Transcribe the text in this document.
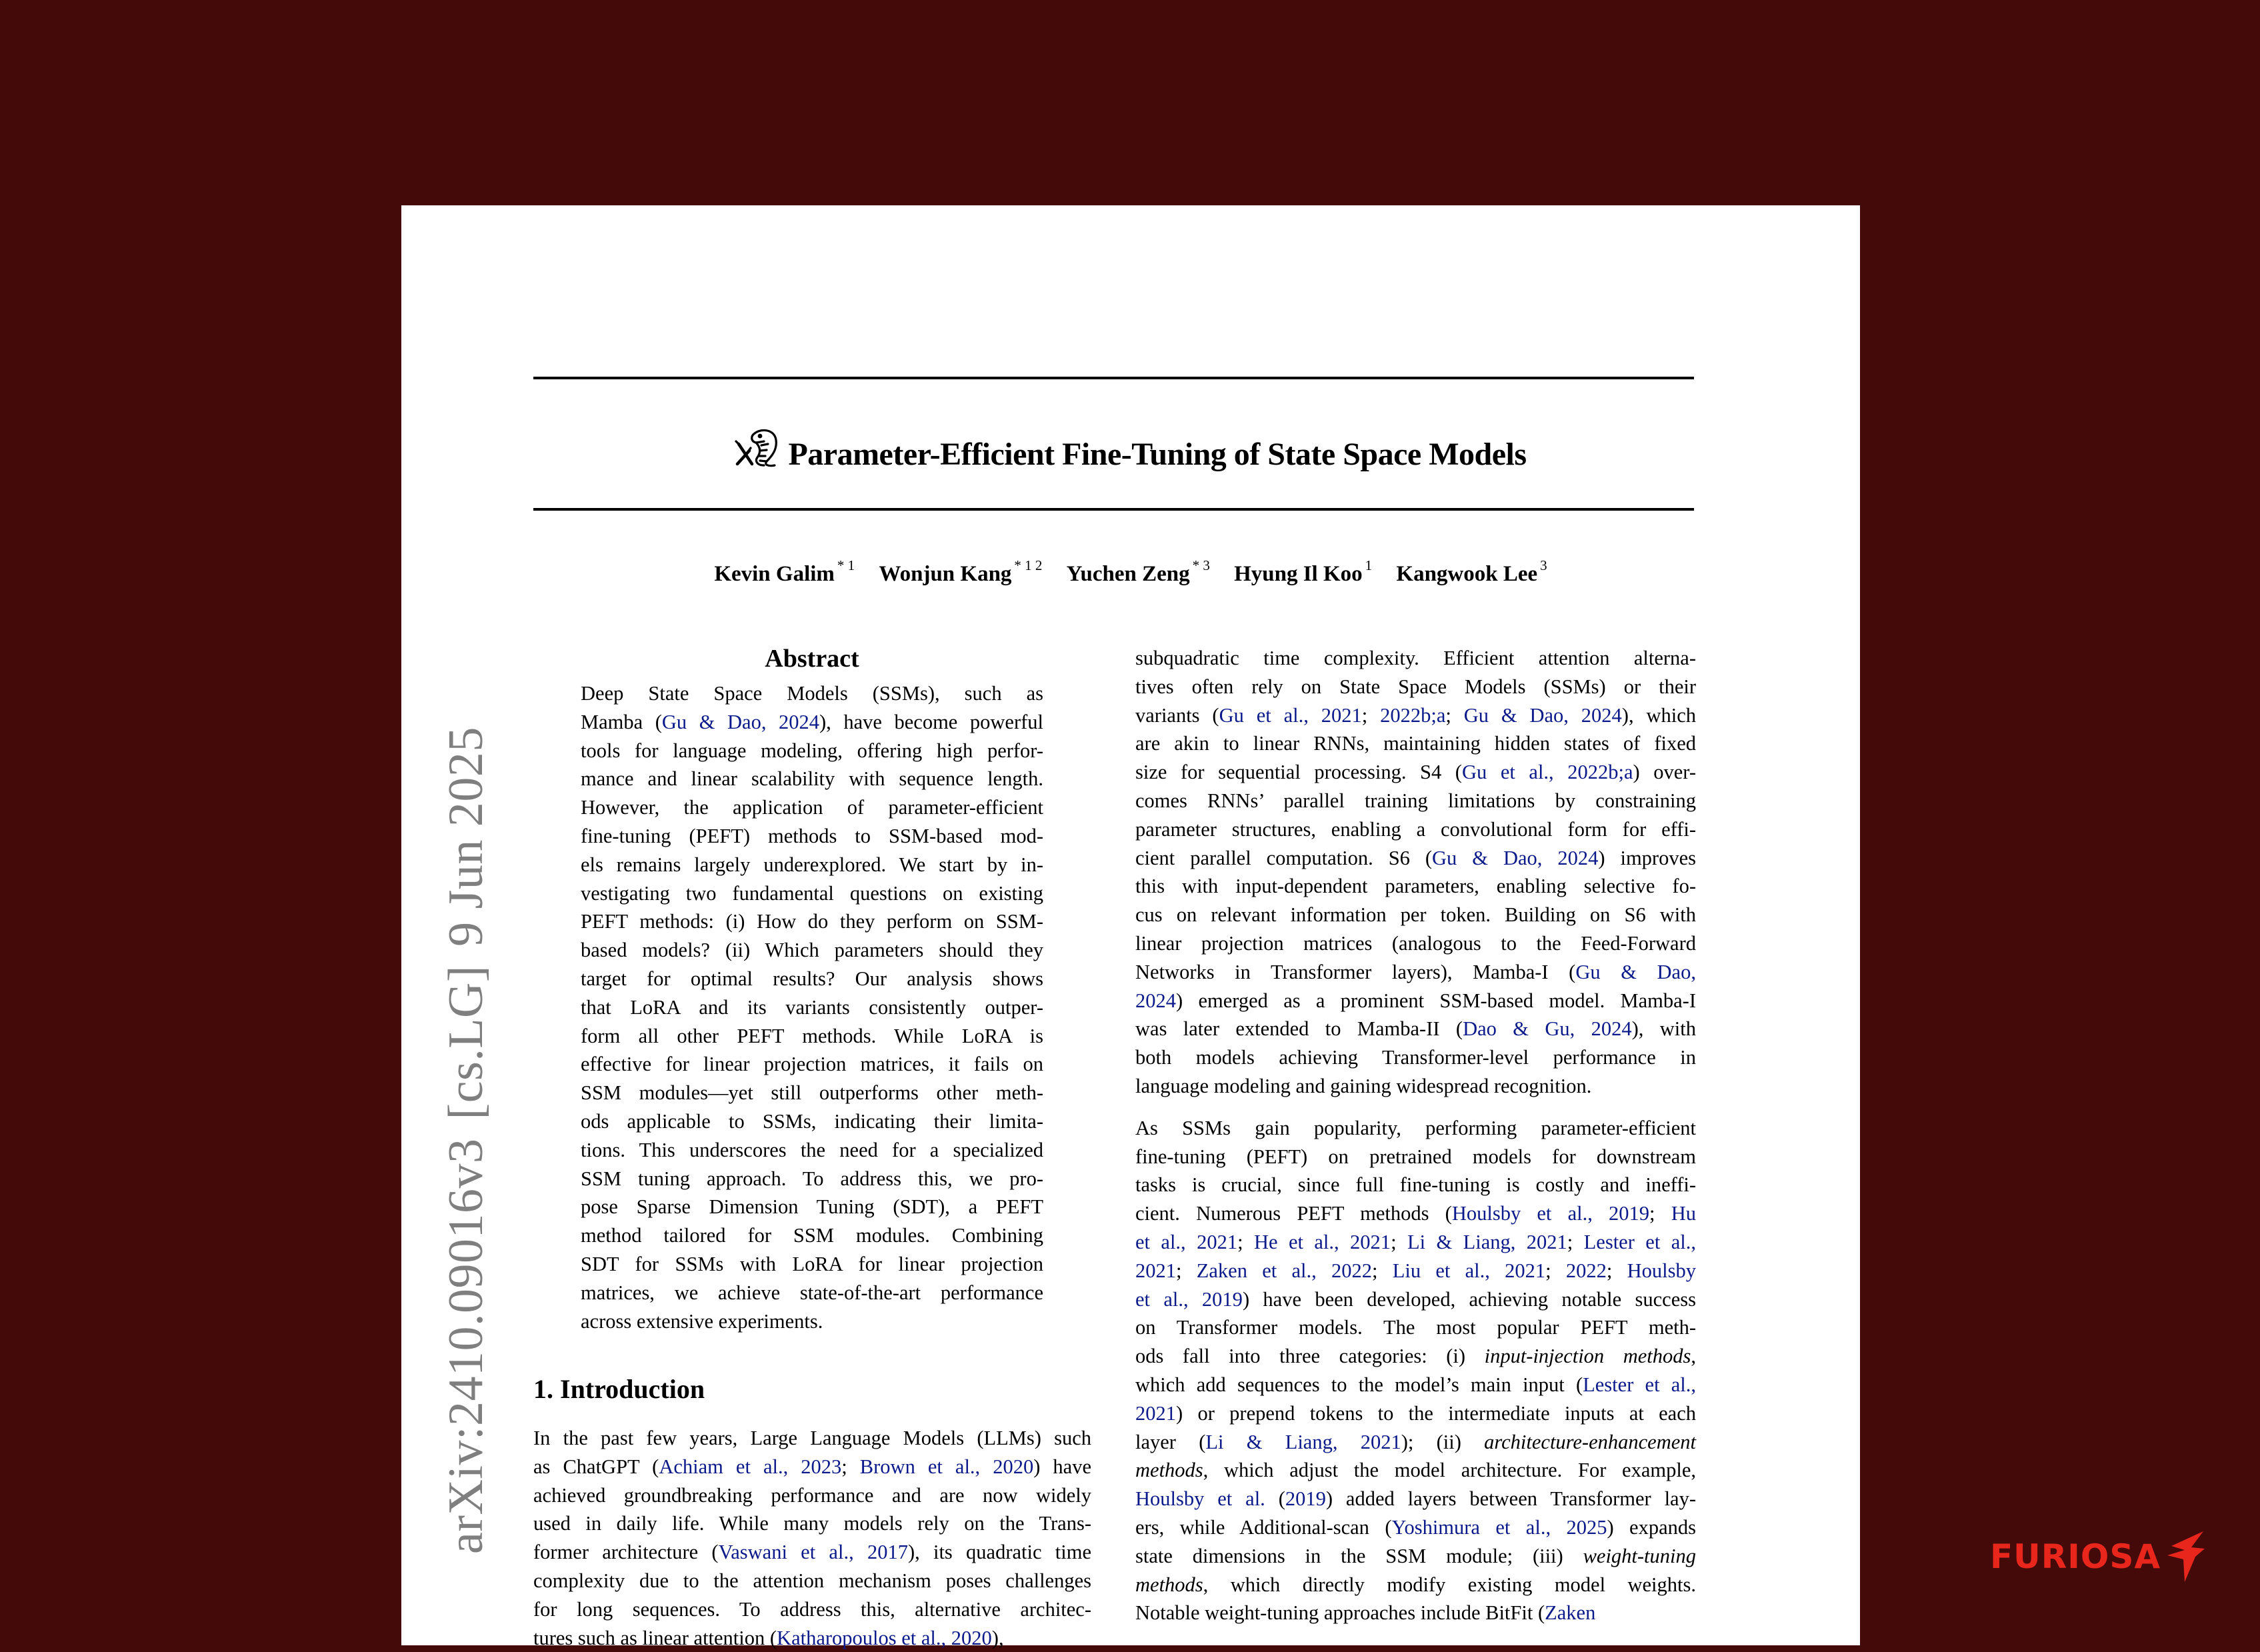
Parameter-Efficient Fine-Tuning of State Space Models
Kevin Galim $^{* 1}$ Wonjun Kang $^{* 1 2}$ Yuchen Zeng $^{* 3}$ Hyung Il Koo $^1$ Kangwook Lee $^3$
Abstract
Deep State Space Models (SSMs), such as
Mamba (Gu & Dao, 2024), have become powerful
tools for language modeling, offering high perfor-
mance and linear scalability with sequence length.
However, the application of parameter-efficient
fine-tuning (PEFT) methods to SSM-based mod-
els remains largely underexplored. We start by in-
vestigating two fundamental questions on existing
PEFT methods: (i) How do they perform on SSM-
based models? (ii) Which parameters should they
target for optimal results? Our analysis shows
that LoRA and its variants consistently outper-
form all other PEFT methods. While LoRA is
effective for linear projection matrices, it fails on
SSM modules—yet still outperforms other meth-
ods applicable to SSMs, indicating their limita-
tions. This underscores the need for a specialized
SSM tuning approach. To address this, we pro-
pose Sparse Dimension Tuning (SDT), a PEFT
method tailored for SSM modules. Combining
SDT for SSMs with LoRA for linear projection
matrices, we achieve state-of-the-art performance
across extensive experiments.
1. Introduction
In the past few years, Large Language Models (LLMs) such
as ChatGPT (Achiam et al., 2023; Brown et al., 2020) have
achieved groundbreaking performance and are now widely
used in daily life. While many models rely on the Trans-
former architecture (Vaswani et al., 2017), its quadratic time
complexity due to the attention mechanism poses challenges
for long sequences. To address this, alternative architec-
tures such as linear attention (Katharopoulos et al., 2020),
subquadratic time complexity. Efficient attention alterna-
tives often rely on State Space Models (SSMs) or their
variants (Gu et al., 2021; 2022b;a; Gu & Dao, 2024), which
are akin to linear RNNs, maintaining hidden states of fixed
size for sequential processing. S4 (Gu et al., 2022b;a) over-
comes RNNs’ parallel training limitations by constraining
parameter structures, enabling a convolutional form for effi-
cient parallel computation. S6 (Gu & Dao, 2024) improves
this with input-dependent parameters, enabling selective fo-
cus on relevant information per token. Building on S6 with
linear projection matrices (analogous to the Feed-Forward
Networks in Transformer layers), Mamba-I (Gu & Dao,
2024) emerged as a prominent SSM-based model. Mamba-I
was later extended to Mamba-II (Dao & Gu, 2024), with
both models achieving Transformer-level performance in
language modeling and gaining widespread recognition.
As SSMs gain popularity, performing parameter-efficient
fine-tuning (PEFT) on pretrained models for downstream
tasks is crucial, since full fine-tuning is costly and ineffi-
cient. Numerous PEFT methods (Houlsby et al., 2019; Hu
et al., 2021; He et al., 2021; Li & Liang, 2021; Lester et al.,
2021; Zaken et al., 2022; Liu et al., 2021; 2022; Houlsby
et al., 2019) have been developed, achieving notable success
on Transformer models. The most popular PEFT meth-
ods fall into three categories: (i) input-injection methods,
which add sequences to the model’s main input (Lester et al.,
2021) or prepend tokens to the intermediate inputs at each
layer (Li & Liang, 2021); (ii) architecture-enhancement
methods, which adjust the model architecture. For example,
Houlsby et al. (2019) added layers between Transformer lay-
ers, while Additional-scan (Yoshimura et al., 2025) expands
state dimensions in the SSM module; (iii) weight-tuning
methods, which directly modify existing model weights.
Notable weight-tuning approaches include BitFit (Zaken
arXiv:2410.09016v3[cs.LG]9 Jun 2025
FURIOSA
